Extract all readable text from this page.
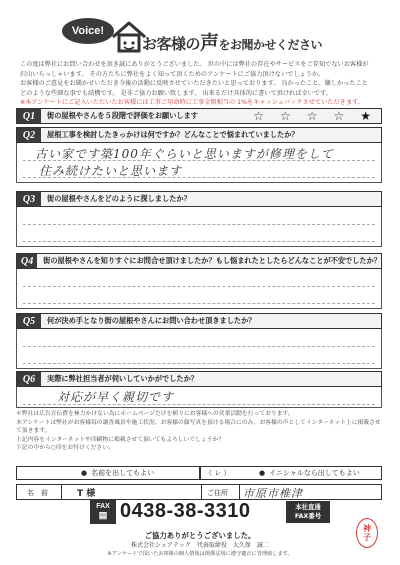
Voice!
お客様の声をお聞かせください

この度は弊社にお問い合わせを頂き誠にありがとうございました。 世の中には弊社の存在やサービスをご存知でないお客様が

沢山いらっしゃいます。 その方たちに弊社をよく知って頂くためのアンケートにご協力頂けないでしょうか。

お客様のご意見をお聞かせいただき今後の活動に反映させていただきたいと思っております。 良かったこと、嫌しかったこと

どのような些細な事でも結構です。 是非ご協力お願い致します。 出来るだけ具体的に書いて頂ければ幸いです。

※本アンケートにご記入いただいたお客様には工事ご用命時に工事金額相当の 1%をキャッシュバックさせていただきます。

Q1	街の屋根やさんを５段階で評価をお願いします	☆ ☆ ☆ ☆ ★
Q2	屋根工事を検討したきっかけは何ですか？どんなことで悩まれていましたか？
古い家です築100年ぐらいと思いますが修理をして
住み続けたいと思います
Q3	街の屋根やさんをどのように探しましたか？
Q4	街の屋根やさんを知りすぐにお問合せ頂けましたか？もし悩まれたとしたらどんなことが不安でしたか？
Q5	何が決め手となり街の屋根やさんにお問い合わせ頂きましたか？
Q6	実際に弊社担当者が伺いしていかがでしたか？
対応が早く親切です

＊弊社は広告宣伝費を極力かけない為にホームページだけを頼りにお客様への営業活動を行っております。

本アンケートは弊社がお客様毎の調査風景や施工状況、お客様の顔写真を頂ける場合にのみ、お客様の声としてインターネット上に掲載させて頂きます。

上記内容をインターネットや印刷物に掲載させて頂いてもよろしいでしょうか？

下記の中から○印をお付けください。

● 名前を出してもよい	（ レ ）	● イニシャルなら出してもよい
名　前	T 様	ご住所 市原市椎津
FAX
▤ 0438-38-3310	本社直通
FAX番号
ご協力ありがとうございました。
株式会社シェアテック　代表取締役　大久保　誠二
※アンケートで頂いたお客様の個人情報は関係法規に遵守適正に管理致します。
神
子
